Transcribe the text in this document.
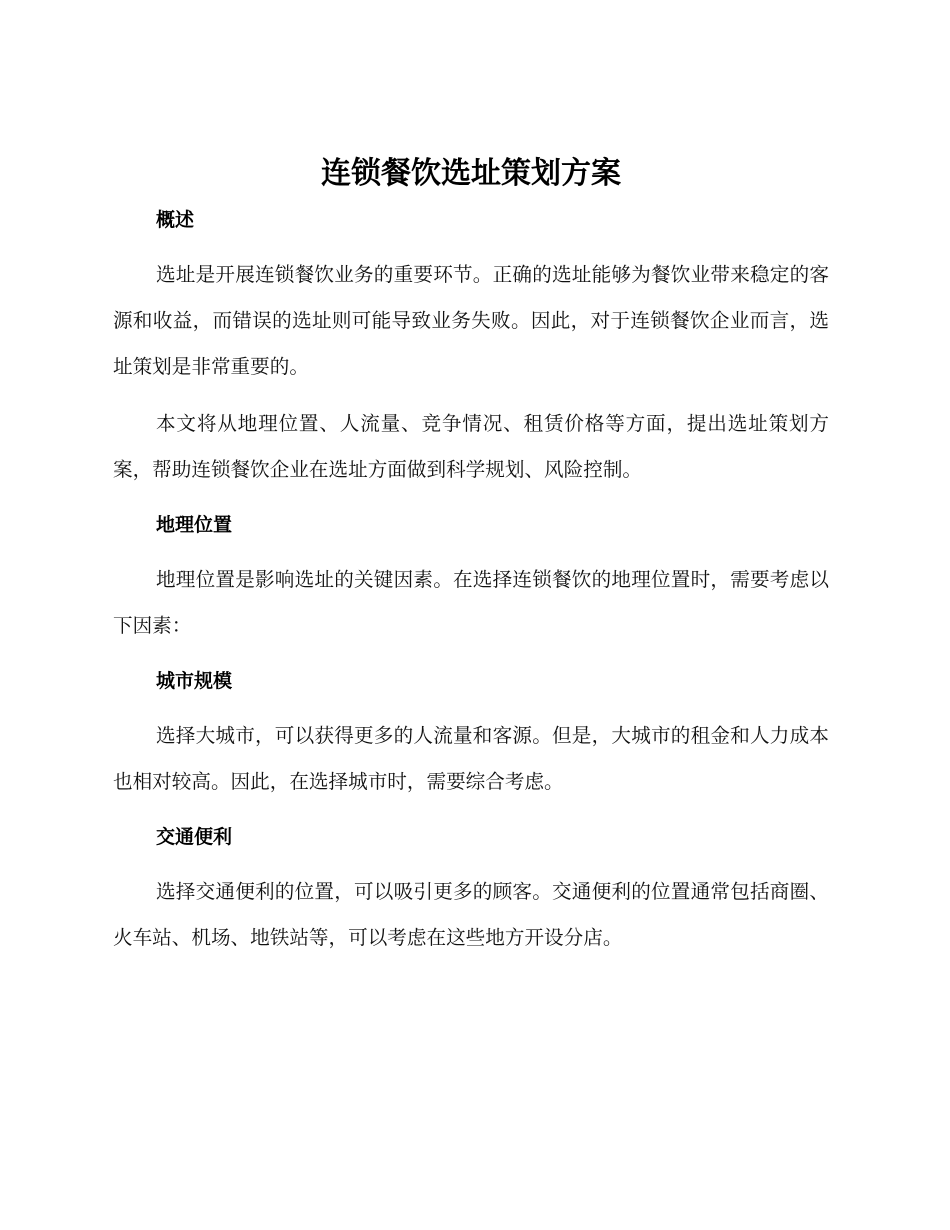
连锁餐饮选址策划方案
概述

选址是开展连锁餐饮业务的重要环节。正确的选址能够为餐饮业带来稳定的客源和收益，而错误的选址则可能导致业务失败。因此，对于连锁餐饮企业而言，选址策划是非常重要的。

本文将从地理位置、人流量、竞争情况、租赁价格等方面，提出选址策划方案，帮助连锁餐饮企业在选址方面做到科学规划、风险控制。

地理位置

地理位置是影响选址的关键因素。在选择连锁餐饮的地理位置时，需要考虑以下因素：

城市规模

选择大城市，可以获得更多的人流量和客源。但是，大城市的租金和人力成本也相对较高。因此，在选择城市时，需要综合考虑。

交通便利

选择交通便利的位置，可以吸引更多的顾客。交通便利的位置通常包括商圈、火车站、机场、地铁站等，可以考虑在这些地方开设分店。
